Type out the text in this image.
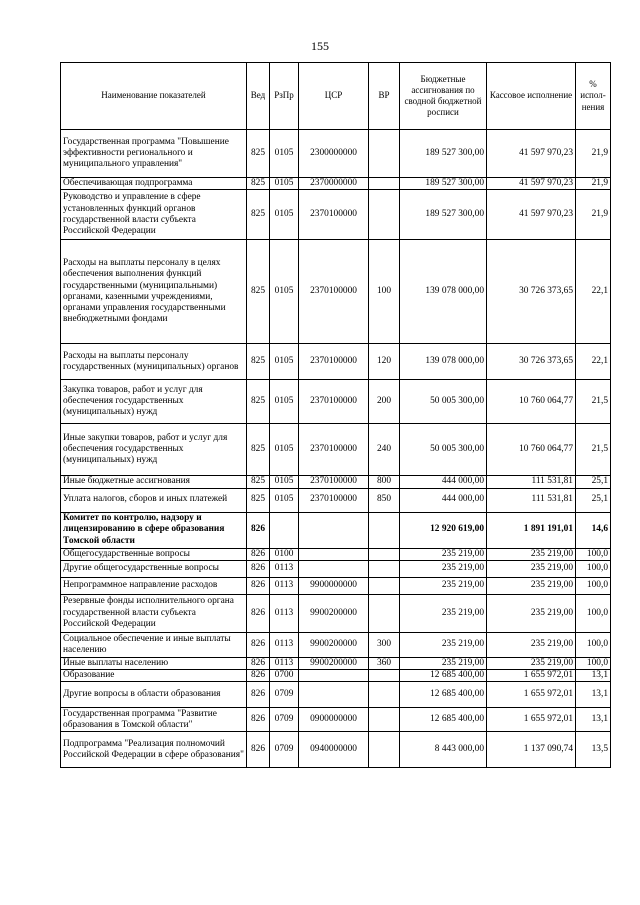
155
Наименование показателей	Вед	РзПр	ЦСР	ВР	Бюджетные ассигнования по сводной бюджетной росписи	Кассовое исполнение	% испол-нения
Государственная программа "Повышение эффективности регионального и муниципального управления"	825	0105	2300000000		189 527 300,00	41 597 970,23	21,9
Обеспечивающая подпрограмма	825	0105	2370000000		189 527 300,00	41 597 970,23	21,9
Руководство и управление в сфере установленных функций органов государственной власти субъекта Российской Федерации	825	0105	2370100000		189 527 300,00	41 597 970,23	21,9
Расходы на выплаты персоналу в целях обеспечения выполнения функций государственными (муниципальными) органами, казенными учреждениями, органами управления государственными внебюджетными фондами	825	0105	2370100000	100	139 078 000,00	30 726 373,65	22,1
Расходы на выплаты персоналу государственных (муниципальных) органов	825	0105	2370100000	120	139 078 000,00	30 726 373,65	22,1
Закупка товаров, работ и услуг для обеспечения государственных (муниципальных) нужд	825	0105	2370100000	200	50 005 300,00	10 760 064,77	21,5
Иные закупки товаров, работ и услуг для обеспечения государственных (муниципальных) нужд	825	0105	2370100000	240	50 005 300,00	10 760 064,77	21,5
Иные бюджетные ассигнования	825	0105	2370100000	800	444 000,00	111 531,81	25,1
Уплата налогов, сборов и иных платежей	825	0105	2370100000	850	444 000,00	111 531,81	25,1
Комитет по контролю, надзору и лицензированию в сфере образования Томской области	826				12 920 619,00	1 891 191,01	14,6
Общегосударственные вопросы	826	0100			235 219,00	235 219,00	100,0
Другие общегосударственные вопросы	826	0113			235 219,00	235 219,00	100,0
Непрограммное направление расходов	826	0113	9900000000		235 219,00	235 219,00	100,0
Резервные фонды исполнительного органа государственной власти субъекта Российской Федерации	826	0113	9900200000		235 219,00	235 219,00	100,0
Социальное обеспечение и иные выплаты населению	826	0113	9900200000	300	235 219,00	235 219,00	100,0
Иные выплаты населению	826	0113	9900200000	360	235 219,00	235 219,00	100,0
Образование	826	0700			12 685 400,00	1 655 972,01	13,1
Другие вопросы в области образования	826	0709			12 685 400,00	1 655 972,01	13,1
Государственная программа "Развитие образования в Томской области"	826	0709	0900000000		12 685 400,00	1 655 972,01	13,1
Подпрограмма "Реализация полномочий Российской Федерации в сфере образования"	826	0709	0940000000		8 443 000,00	1 137 090,74	13,5
